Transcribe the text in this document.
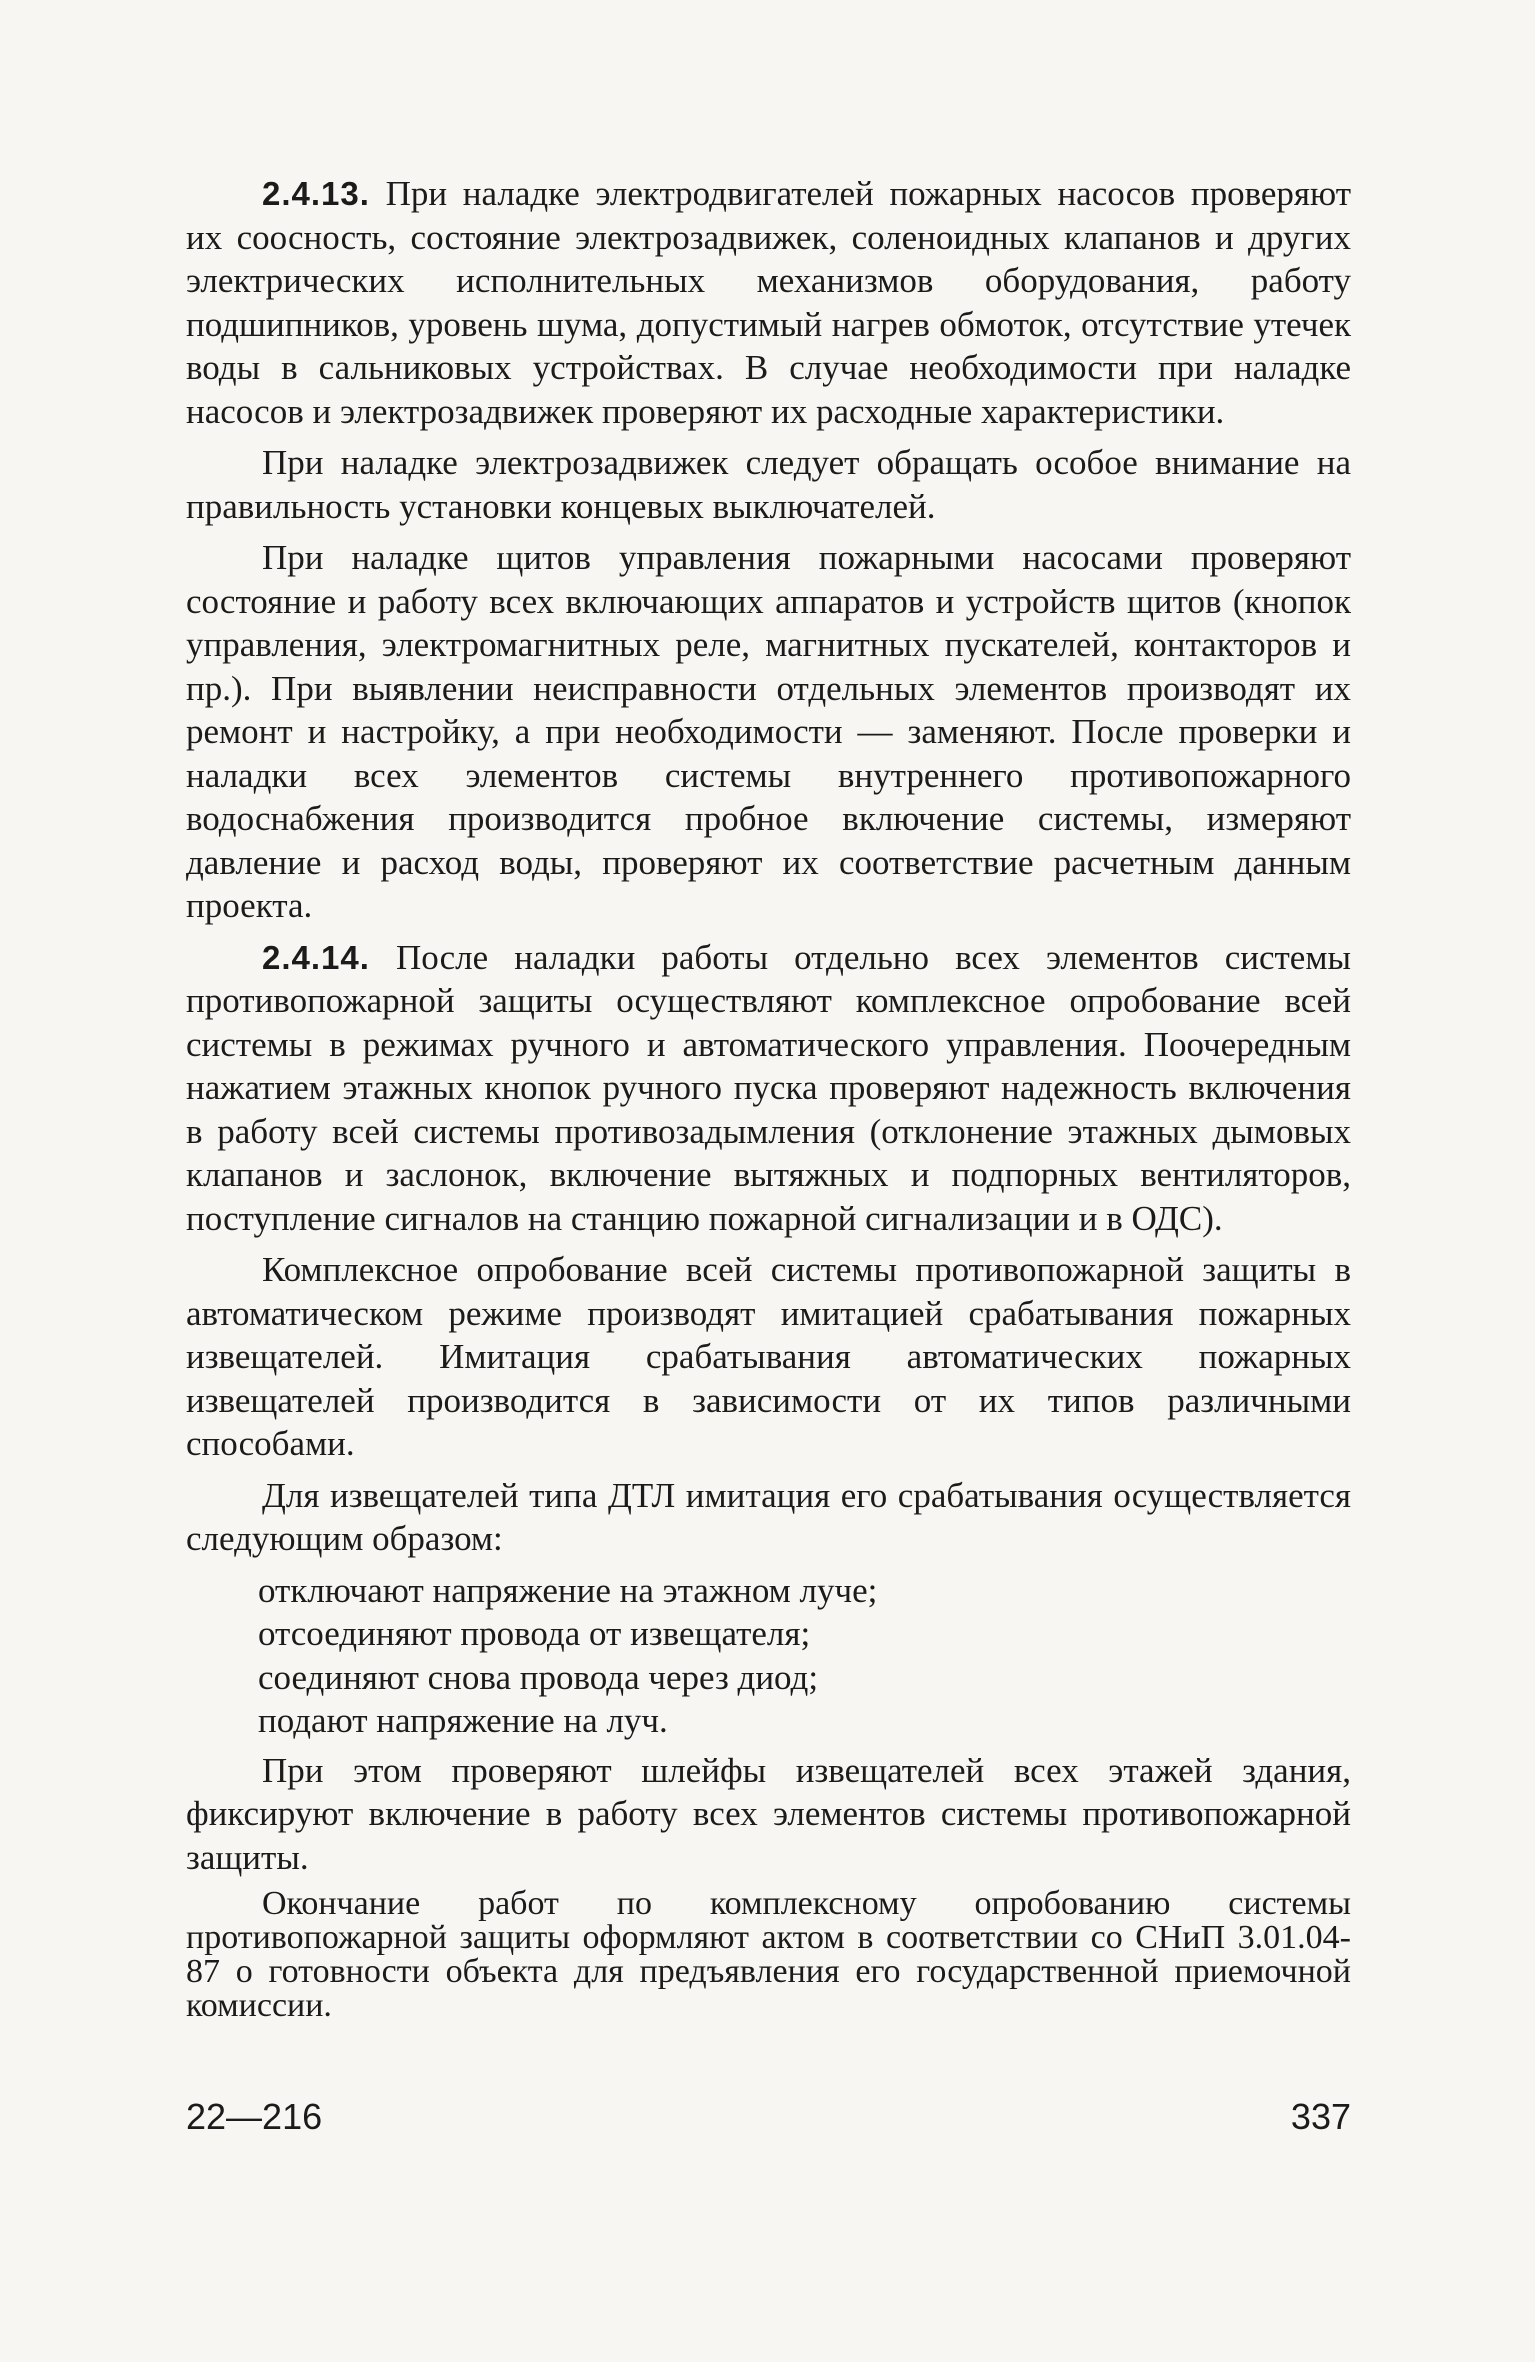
2.4.13. При наладке электродвигателей пожарных насосов проверяют их соосность, состояние электрозадвижек, соленоидных клапанов и других электрических исполнительных механизмов оборудования, работу подшипников, уровень шума, допустимый нагрев обмоток, отсутствие утечек воды в сальниковых устройствах. В случае необходимости при наладке насосов и электрозадвижек проверяют их расходные характеристики.

При наладке электрозадвижек следует обращать особое внимание на правильность установки концевых выключателей.

При наладке щитов управления пожарными насосами проверяют состояние и работу всех включающих аппаратов и устройств щитов (кнопок управления, электромагнитных реле, магнитных пускателей, контакторов и пр.). При выявлении неисправности отдельных элементов производят их ремонт и настройку, а при необходимости — заменяют. После проверки и наладки всех элементов системы внутреннего противопожарного водоснабжения производится пробное включение системы, измеряют давление и расход воды, проверяют их соответствие расчетным данным проекта.

2.4.14. После наладки работы отдельно всех элементов системы противопожарной защиты осуществляют комплексное опробование всей системы в режимах ручного и автоматического управления. Поочередным нажатием этажных кнопок ручного пуска проверяют надежность включения в работу всей системы противозадымления (отклонение этажных дымовых клапанов и заслонок, включение вытяжных и подпорных вентиляторов, поступление сигналов на станцию пожарной сигнализации и в ОДС).

Комплексное опробование всей системы противопожарной защиты в автоматическом режиме производят имитацией срабатывания пожарных извещателей. Имитация срабатывания автоматических пожарных извещателей производится в зависимости от их типов различными способами.

Для извещателей типа ДТЛ имитация его срабатывания осуществляется следующим образом:

отключают напряжение на этажном луче;
отсоединяют провода от извещателя;
соединяют снова провода через диод;
подают напряжение на луч.

При этом проверяют шлейфы извещателей всех этажей здания, фиксируют включение в работу всех элементов системы противопожарной защиты.

Окончание работ по комплексному опробованию системы противопожарной защиты оформляют актом в соответствии со СНиП 3.01.04-87 о готовности объекта для предъявления его государственной приемочной комиссии.

22—216	337
